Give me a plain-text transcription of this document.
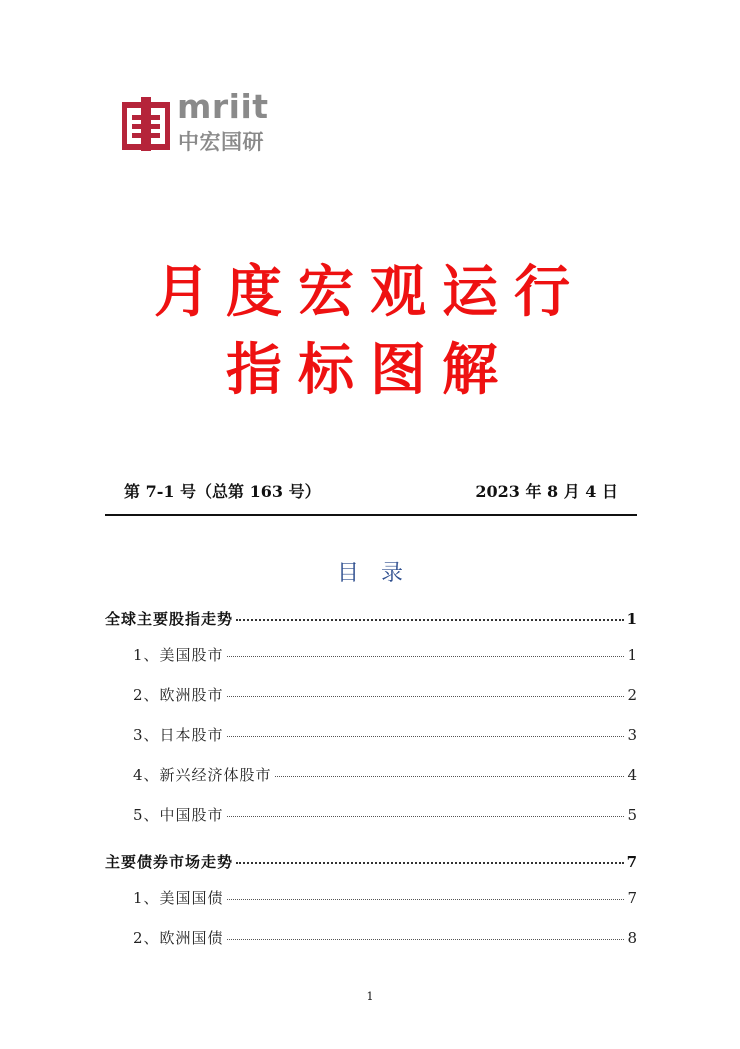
mriit
中宏国研
月度宏观运行
指标图解
第 7-1 号（总第 163 号）	2023 年 8 月 4 日
目录
全球主要股指走势	1
1、美国股市	1
2、欧洲股市	2
3、日本股市	3
4、新兴经济体股市	4
5、中国股市	5
主要债券市场走势	7
1、美国国债	7
2、欧洲国债	8
1
